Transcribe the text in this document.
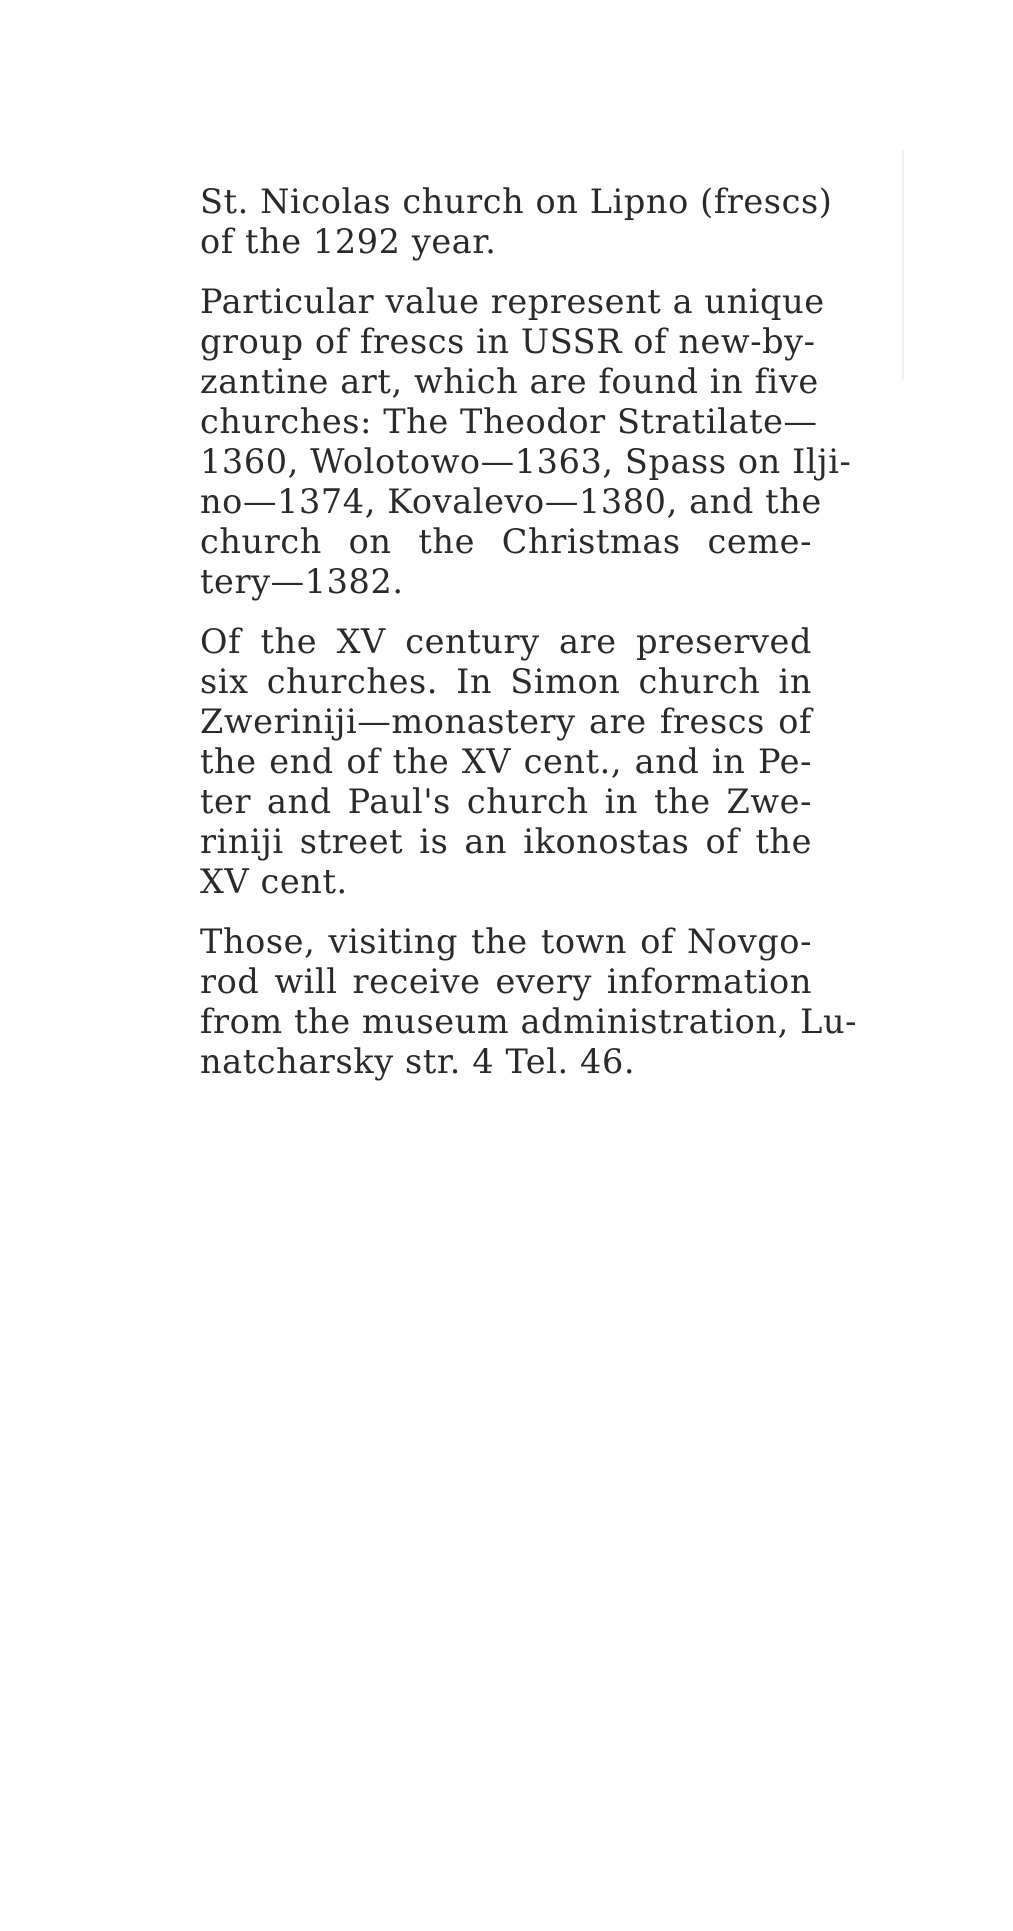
St. Nicolas church on Lipno (frescs)
of the 1292 year.
Particular value represent a unique
group of frescs in USSR of new-by-
zantine art, which are found in five
churches: The Theodor Stratilate—
1360, Wolotowo—1363, Spass on Ilji-
no—1374, Kovalevo—1380, and the
church on the Christmas ceme-
tery—1382.
Of the XV century are preserved
six churches. In Simon church in
Zweriniji—monastery are frescs of
the end of the XV cent., and in Pe-
ter and Paul's church in the Zwe-
riniji street is an ikonostas of the
XV cent.
Those, visiting the town of Novgo-
rod will receive every information
from the museum administration, Lu-
natcharsky str. 4 Tel. 46.
